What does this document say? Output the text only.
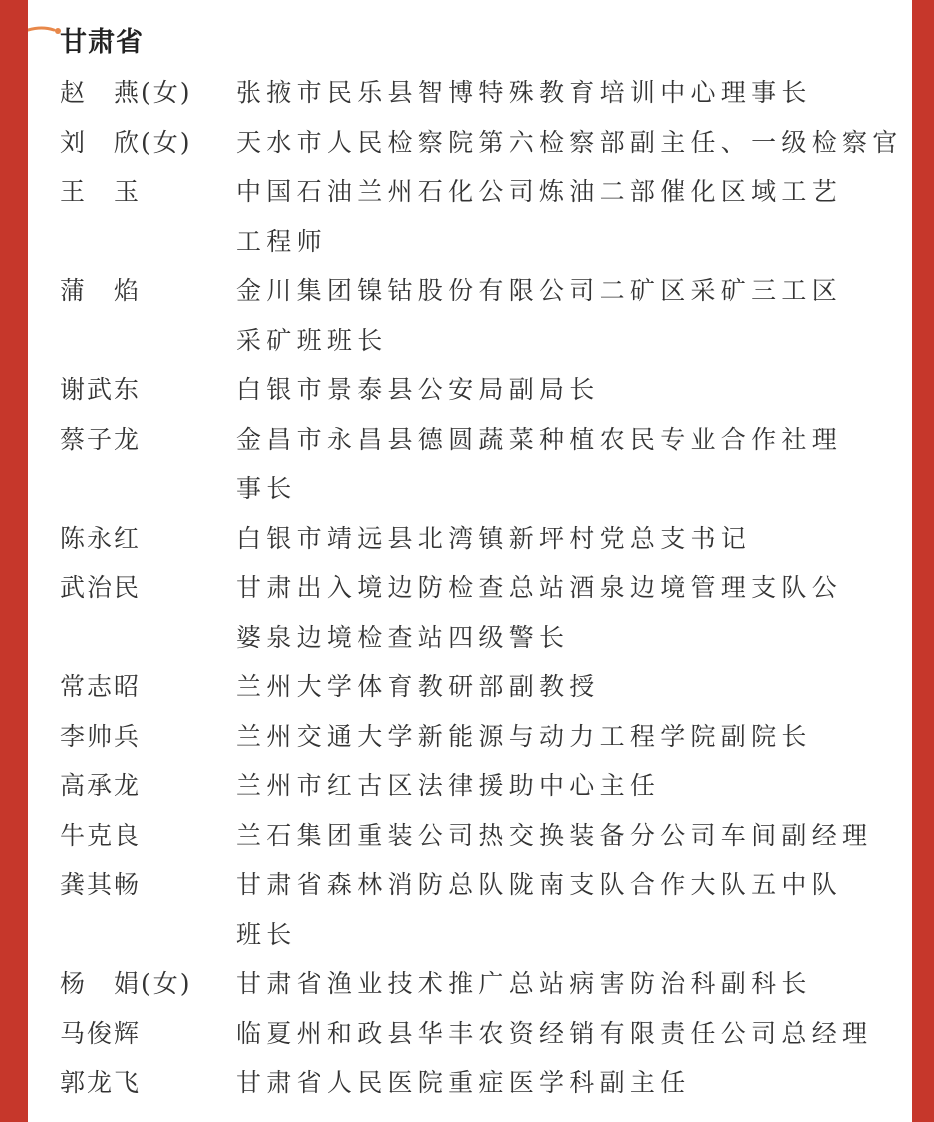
甘肃省
赵　燕(女)	张掖市民乐县智博特殊教育培训中心理事长
刘　欣(女)	天水市人民检察院第六检察部副主任、一级检察官
王　玉	中国石油兰州石化公司炼油二部催化区域工艺
工程师
蒲　焰	金川集团镍钴股份有限公司二矿区采矿三工区
采矿班班长
谢武东	白银市景泰县公安局副局长
蔡子龙	金昌市永昌县德圆蔬菜种植农民专业合作社理
事长
陈永红	白银市靖远县北湾镇新坪村党总支书记
武治民	甘肃出入境边防检查总站酒泉边境管理支队公
婆泉边境检查站四级警长
常志昭	兰州大学体育教研部副教授
李帅兵	兰州交通大学新能源与动力工程学院副院长
高承龙	兰州市红古区法律援助中心主任
牛克良	兰石集团重装公司热交换装备分公司车间副经理
龚其畅	甘肃省森林消防总队陇南支队合作大队五中队
班长
杨　娟(女)	甘肃省渔业技术推广总站病害防治科副科长
马俊辉	临夏州和政县华丰农资经销有限责任公司总经理
郭龙飞	甘肃省人民医院重症医学科副主任
